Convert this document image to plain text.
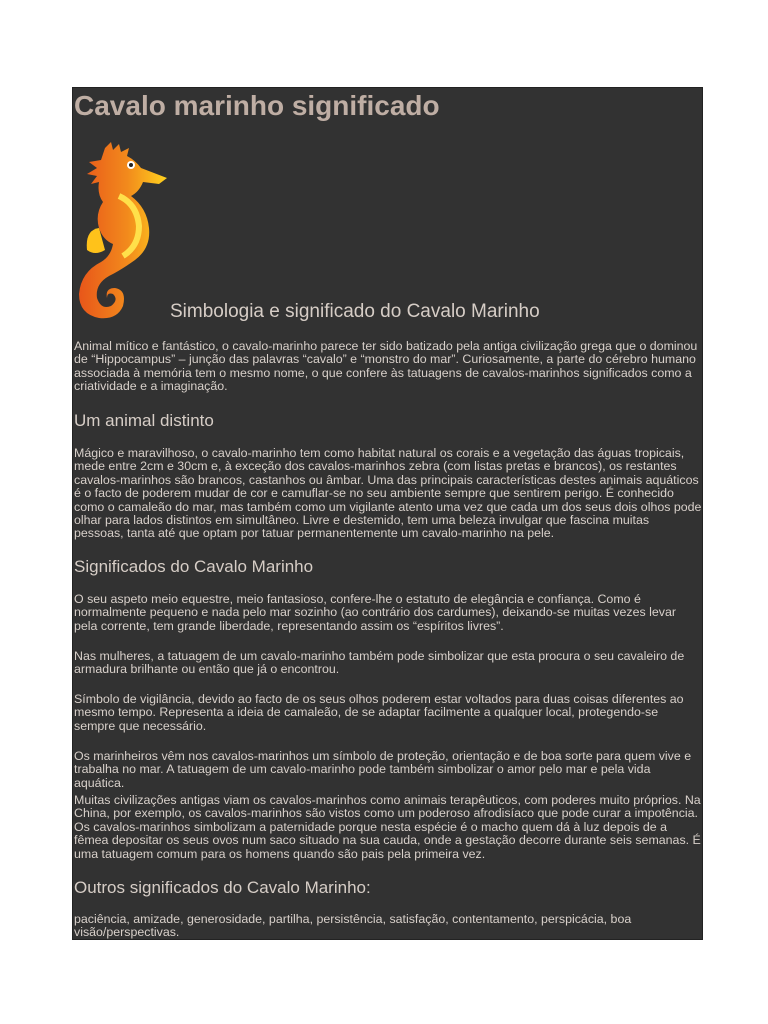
Cavalo marinho significado
Simbologia e significado do Cavalo Marinho

Animal mítico e fantástico, o cavalo-marinho parece ter sido batizado pela antiga civilização grega que o dominou de “Hippocampus” – junção das palavras “cavalo” e “monstro do mar”. Curiosamente, a parte do cérebro humano associada à memória tem o mesmo nome, o que confere às tatuagens de cavalos-marinhos significados como a criatividade e a imaginação.

Um animal distinto

Mágico e maravilhoso, o cavalo-marinho tem como habitat natural os corais e a vegetação das águas tropicais, mede entre 2cm e 30cm e, à exceção dos cavalos-marinhos zebra (com listas pretas e brancos), os restantes cavalos-marinhos são brancos, castanhos ou âmbar. Uma das principais características destes animais aquáticos é o facto de poderem mudar de cor e camuflar-se no seu ambiente sempre que sentirem perigo. É conhecido como o camaleão do mar, mas também como um vigilante atento uma vez que cada um dos seus dois olhos pode olhar para lados distintos em simultâneo. Livre e destemido, tem uma beleza invulgar que fascina muitas pessoas, tanta até que optam por tatuar permanentemente um cavalo-marinho na pele.

Significados do Cavalo Marinho

O seu aspeto meio equestre, meio fantasioso, confere-lhe o estatuto de elegância e confiança. Como é normalmente pequeno e nada pelo mar sozinho (ao contrário dos cardumes), deixando-se muitas vezes levar pela corrente, tem grande liberdade, representando assim os “espíritos livres”.

Nas mulheres, a tatuagem de um cavalo-marinho também pode simbolizar que esta procura o seu cavaleiro de armadura brilhante ou então que já o encontrou.

Símbolo de vigilância, devido ao facto de os seus olhos poderem estar voltados para duas coisas diferentes ao mesmo tempo. Representa a ideia de camaleão, de se adaptar facilmente a qualquer local, protegendo-se sempre que necessário.

Os marinheiros vêm nos cavalos-marinhos um símbolo de proteção, orientação e de boa sorte para quem vive e trabalha no mar. A tatuagem de um cavalo-marinho pode também simbolizar o amor pelo mar e pela vida aquática.

Muitas civilizações antigas viam os cavalos-marinhos como animais terapêuticos, com poderes muito próprios. Na China, por exemplo, os cavalos-marinhos são vistos como um poderoso afrodisíaco que pode curar a impotência. Os cavalos-marinhos simbolizam a paternidade porque nesta espécie é o macho quem dá à luz depois de a fêmea depositar os seus ovos num saco situado na sua cauda, onde a gestação decorre durante seis semanas. É uma tatuagem comum para os homens quando são pais pela primeira vez.

Outros significados do Cavalo Marinho:

paciência, amizade, generosidade, partilha, persistência, satisfação, contentamento, perspicácia, boa visão/perspectivas.
